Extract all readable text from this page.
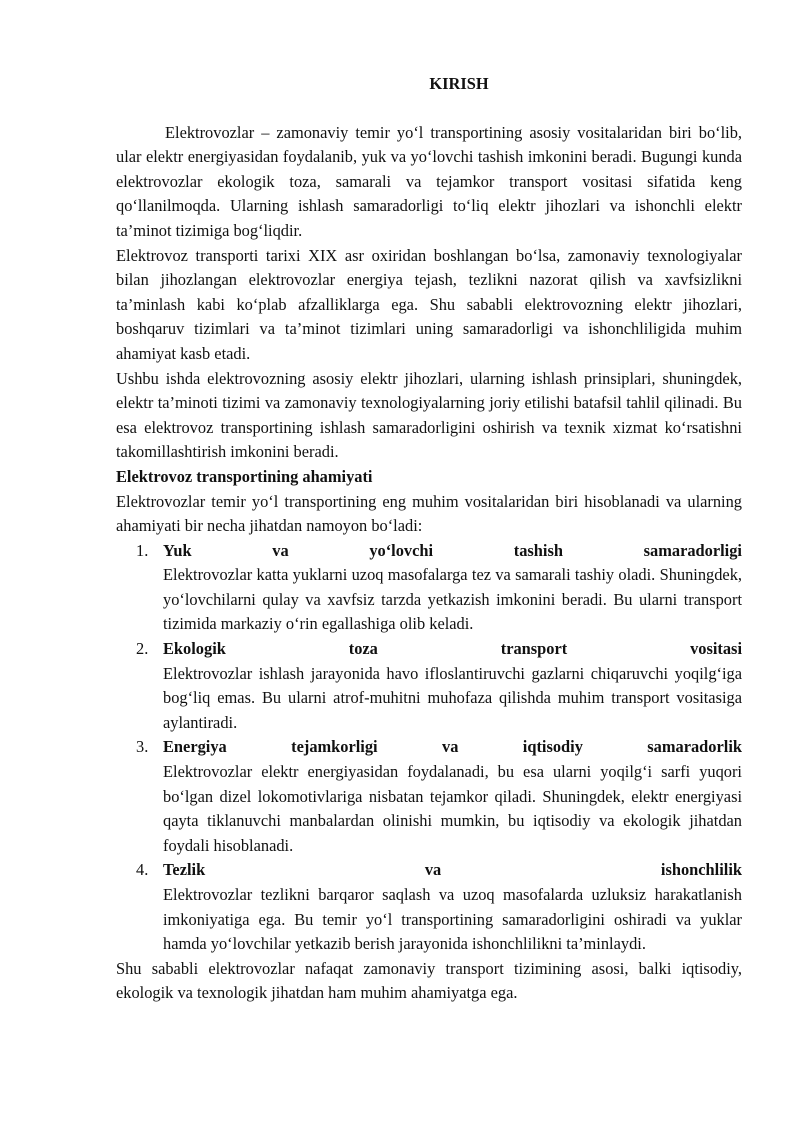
KIRISH

Elektrovozlar – zamonaviy temir yo‘l transportining asosiy vositalaridan biri bo‘lib, ular elektr energiyasidan foydalanib, yuk va yo‘lovchi tashish imkonini beradi. Bugungi kunda elektrovozlar ekologik toza, samarali va tejamkor transport vositasi sifatida keng qo‘llanilmoqda. Ularning ishlash samaradorligi to‘liq elektr jihozlari va ishonchli elektr ta’minot tizimiga bog‘liqdir.

Elektrovoz transporti tarixi XIX asr oxiridan boshlangan bo‘lsa, zamonaviy texnologiyalar bilan jihozlangan elektrovozlar energiya tejash, tezlikni nazorat qilish va xavfsizlikni ta’minlash kabi ko‘plab afzalliklarga ega. Shu sababli elektrovozning elektr jihozlari, boshqaruv tizimlari va ta’minot tizimlari uning samaradorligi va ishonchliligida muhim ahamiyat kasb etadi.

Ushbu ishda elektrovozning asosiy elektr jihozlari, ularning ishlash prinsiplari, shuningdek, elektr ta’minoti tizimi va zamonaviy texnologiyalarning joriy etilishi batafsil tahlil qilinadi. Bu esa elektrovoz transportining ishlash samaradorligini oshirish va texnik xizmat ko‘rsatishni takomillashtirish imkonini beradi.

Elektrovoz transportining ahamiyati

Elektrovozlar temir yo‘l transportining eng muhim vositalaridan biri hisoblanadi va ularning ahamiyati bir necha jihatdan namoyon bo‘ladi:

1. Yuk va yo‘lovchi tashish samaradorligi
Elektrovozlar katta yuklarni uzoq masofalarga tez va samarali tashiy oladi. Shuningdek, yo‘lovchilarni qulay va xavfsiz tarzda yetkazish imkonini beradi. Bu ularni transport tizimida markaziy o‘rin egallashiga olib keladi.
2. Ekologik toza transport vositasi
Elektrovozlar ishlash jarayonida havo ifloslantiruvchi gazlarni chiqaruvchi yoqilg‘iga bog‘liq emas. Bu ularni atrof-muhitni muhofaza qilishda muhim transport vositasiga aylantiradi.
3. Energiya tejamkorligi va iqtisodiy samaradorlik
Elektrovozlar elektr energiyasidan foydalanadi, bu esa ularni yoqilg‘i sarfi yuqori bo‘lgan dizel lokomotivlariga nisbatan tejamkor qiladi. Shuningdek, elektr energiyasi qayta tiklanuvchi manbalardan olinishi mumkin, bu iqtisodiy va ekologik jihatdan foydali hisoblanadi.
4. Tezlik va ishonchlilik
Elektrovozlar tezlikni barqaror saqlash va uzoq masofalarda uzluksiz harakatlanish imkoniyatiga ega. Bu temir yo‘l transportining samaradorligini oshiradi va yuklar hamda yo‘lovchilar yetkazib berish jarayonida ishonchlilikni ta’minlaydi.

Shu sababli elektrovozlar nafaqat zamonaviy transport tizimining asosi, balki iqtisodiy, ekologik va texnologik jihatdan ham muhim ahamiyatga ega.
